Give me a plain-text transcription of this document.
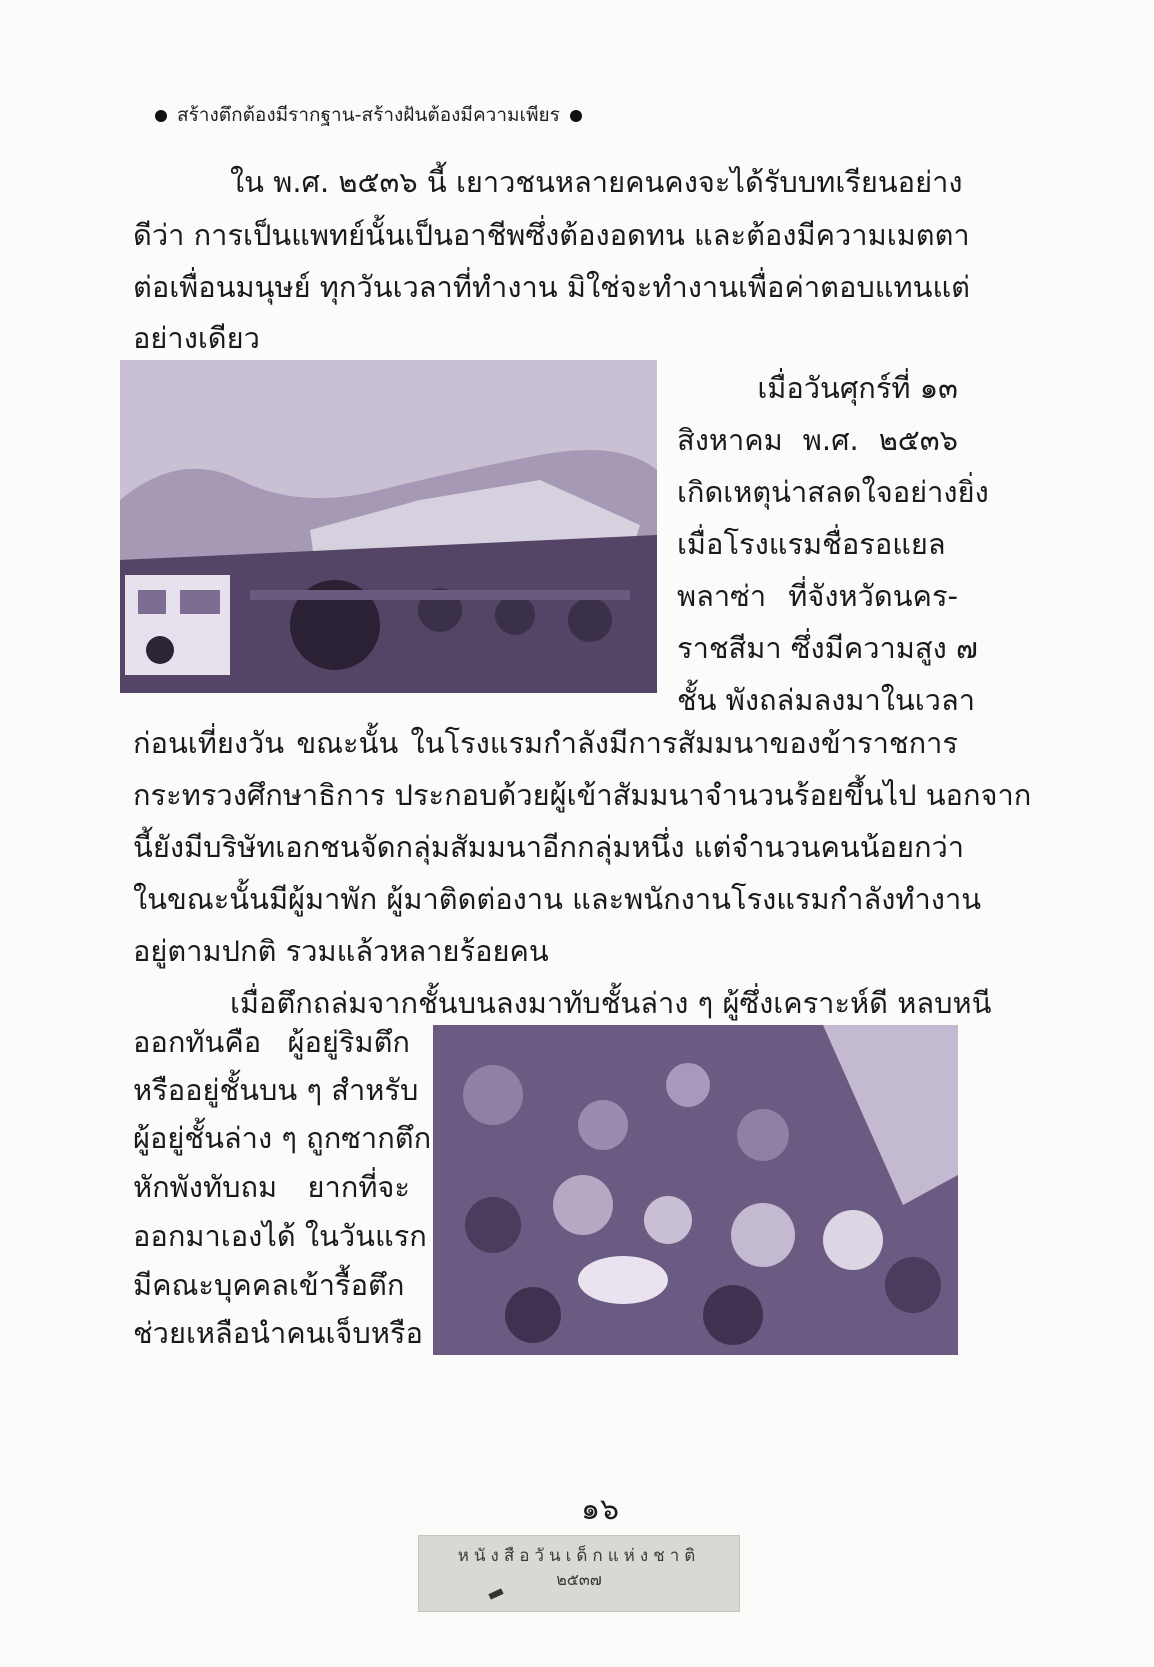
สร้างตึกต้องมีรากฐาน-สร้างฝันต้องมีความเพียร
ใน พ.ศ. ๒๕๓๖ นี้ เยาวชนหลายคนคงจะได้รับบทเรียนอย่าง
ดีว่า การเป็นแพทย์นั้นเป็นอาชีพซึ่งต้องอดทน และต้องมีความเมตตา
ต่อเพื่อนมนุษย์ ทุกวันเวลาที่ทำงาน มิใช่จะทำงานเพื่อค่าตอบแทนแต่
อย่างเดียว
เมื่อวันศุกร์ที่ ๑๓
สิงหาคม พ.ศ. ๒๕๓๖
เกิดเหตุน่าสลดใจอย่างยิ่ง
เมื่อโรงแรมชื่อรอแยล
พลาซ่า ที่จังหวัดนคร-
ราชสีมา ซึ่งมีความสูง ๗
ชั้น พังถล่มลงมาในเวลา
ก่อนเที่ยงวัน ขณะนั้น ในโรงแรมกำลังมีการสัมมนาของข้าราชการ
กระทรวงศึกษาธิการ ประกอบด้วยผู้เข้าสัมมนาจำนวนร้อยขึ้นไป นอกจาก
นี้ยังมีบริษัทเอกชนจัดกลุ่มสัมมนาอีกกลุ่มหนึ่ง แต่จำนวนคนน้อยกว่า
ในขณะนั้นมีผู้มาพัก ผู้มาติดต่องาน และพนักงานโรงแรมกำลังทำงาน
อยู่ตามปกติ รวมแล้วหลายร้อยคน
เมื่อตึกถล่มจากชั้นบนลงมาทับชั้นล่าง ๆ ผู้ซึ่งเคราะห์ดี หลบหนี
ออกทันคือ ผู้อยู่ริมตึก
หรืออยู่ชั้นบน ๆ สำหรับ
ผู้อยู่ชั้นล่าง ๆ ถูกซากตึก
หักพังทับถม ยากที่จะ
ออกมาเองได้ ในวันแรก
มีคณะบุคคลเข้ารื้อตึก
ช่วยเหลือนำคนเจ็บหรือ
๑๖
หนังสือวันเด็กแห่งชาติ
๒๕๓๗
